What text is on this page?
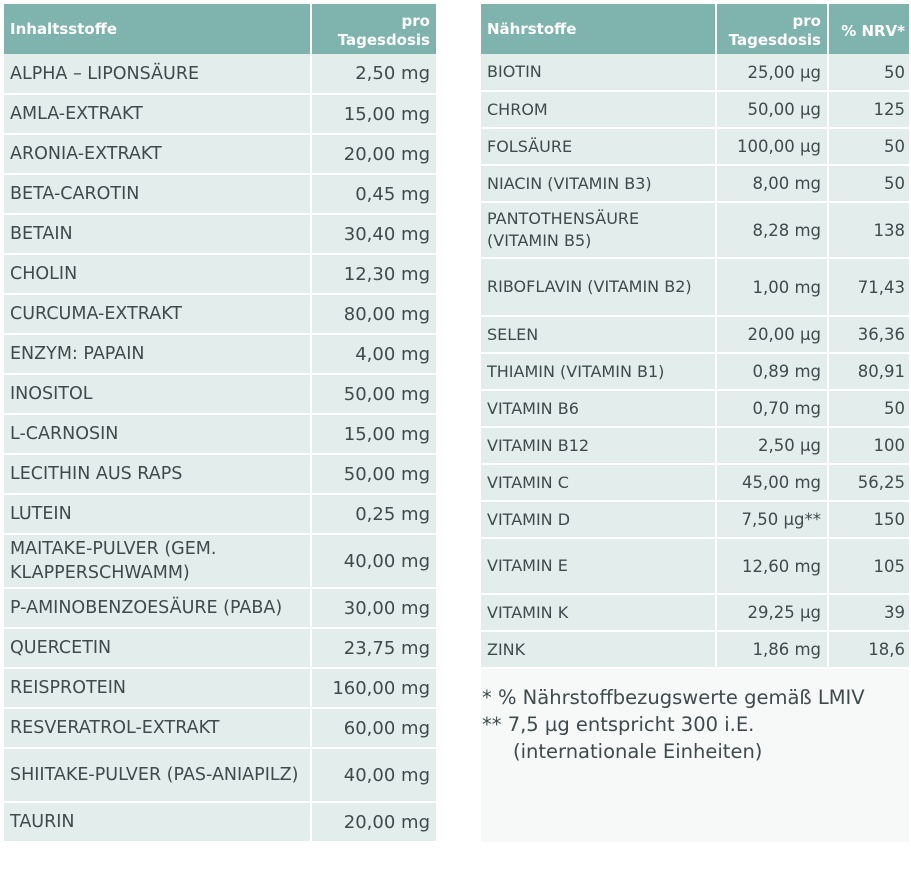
Inhaltsstoffe	pro
Tagesdosis
ALPHA – LIPONSÄURE	2,50 mg
AMLA-EXTRAKT	15,00 mg
ARONIA-EXTRAKT	20,00 mg
BETA-CAROTIN	0,45 mg
BETAIN	30,40 mg
CHOLIN	12,30 mg
CURCUMA-EXTRAKT	80,00 mg
ENZYM: PAPAIN	4,00 mg
INOSITOL	50,00 mg
L-CARNOSIN	15,00 mg
LECITHIN AUS RAPS	50,00 mg
LUTEIN	0,25 mg
MAITAKE-PULVER (GEM. KLAPPERSCHWAMM)	40,00 mg
P-AMINOBENZOESÄURE (PABA)	30,00 mg
QUERCETIN	23,75 mg
REISPROTEIN	160,00 mg
RESVERATROL-EXTRAKT	60,00 mg
SHIITAKE-PULVER (PAS-ANIAPILZ)	40,00 mg
TAURIN	20,00 mg
Nährstoffe	pro
Tagesdosis	% NRV*
BIOTIN	25,00 µg	50
CHROM	50,00 µg	125
FOLSÄURE	100,00 µg	50
NIACIN (VITAMIN B3)	8,00 mg	50
PANTOTHENSÄURE (VITAMIN B5)	8,28 mg	138
RIBOFLAVIN (VITAMIN B2)	1,00 mg	71,43
SELEN	20,00 µg	36,36
THIAMIN (VITAMIN B1)	0,89 mg	80,91
VITAMIN B6	0,70 mg	50
VITAMIN B12	2,50 µg	100
VITAMIN C	45,00 mg	56,25
VITAMIN D	7,50 µg**	150
VITAMIN E	12,60 mg	105
VITAMIN K	29,25 µg	39
ZINK	1,86 mg	18,6
* % Nährstoffbezugswerte gemäß LMIV
** 7,5 µg entspricht 300 i.E.
(internationale Einheiten)
